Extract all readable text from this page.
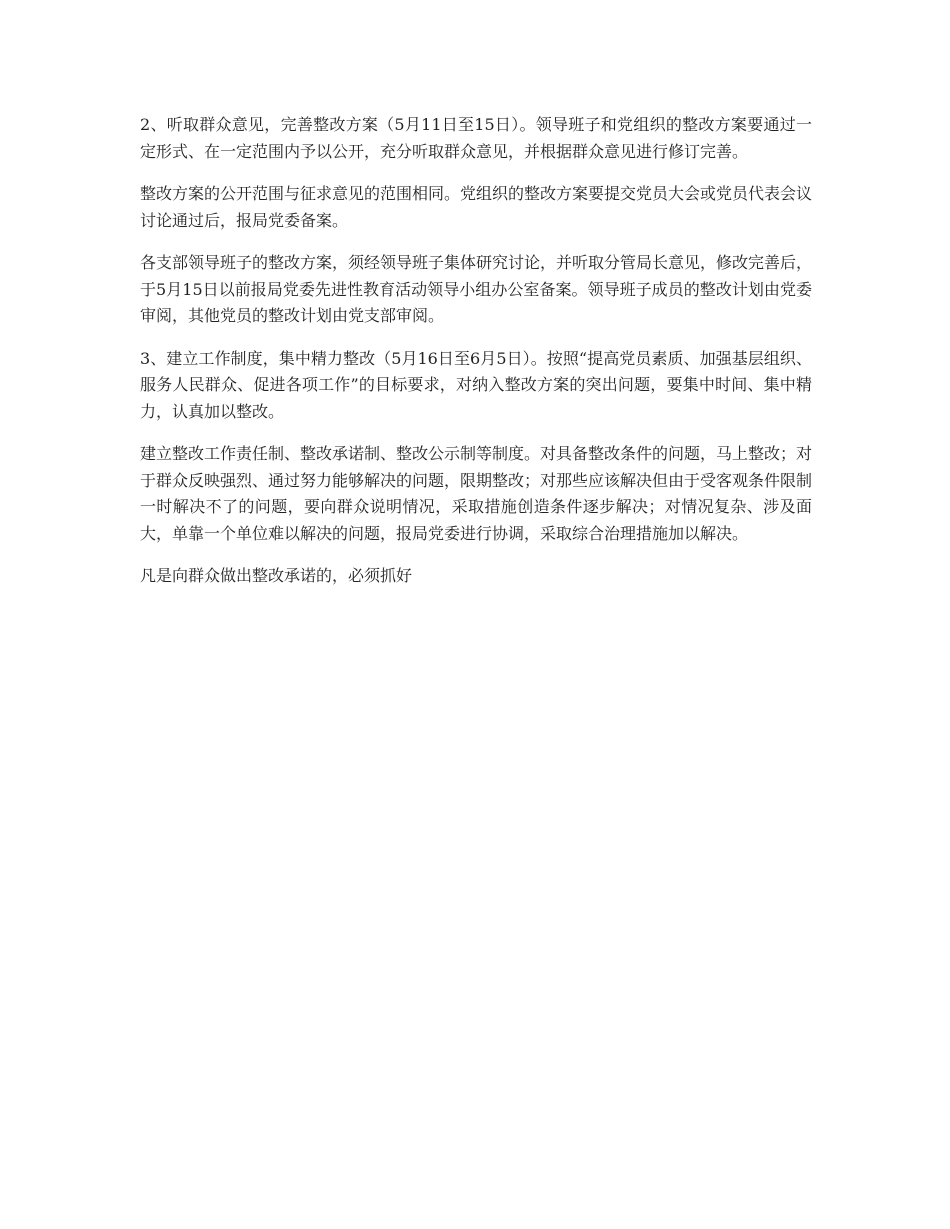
2、听取群众意见，完善整改方案（5月11日至15日）。领导班子和党组织的整改方案要通过一定形式、在一定范围内予以公开，充分听取群众意见，并根据群众意见进行修订完善。

整改方案的公开范围与征求意见的范围相同。党组织的整改方案要提交党员大会或党员代表会议讨论通过后，报局党委备案。

各支部领导班子的整改方案，须经领导班子集体研究讨论，并听取分管局长意见，修改完善后，于5月15日以前报局党委先进性教育活动领导小组办公室备案。领导班子成员的整改计划由党委审阅，其他党员的整改计划由党支部审阅。

3、建立工作制度，集中精力整改（5月16日至6月5日）。按照“提高党员素质、加强基层组织、服务人民群众、促进各项工作”的目标要求，对纳入整改方案的突出问题，要集中时间、集中精力，认真加以整改。

建立整改工作责任制、整改承诺制、整改公示制等制度。对具备整改条件的问题，马上整改；对于群众反映强烈、通过努力能够解决的问题，限期整改；对那些应该解决但由于受客观条件限制一时解决不了的问题，要向群众说明情况，采取措施创造条件逐步解决；对情况复杂、涉及面大，单靠一个单位难以解决的问题，报局党委进行协调，采取综合治理措施加以解决。

凡是向群众做出整改承诺的，必须抓好
